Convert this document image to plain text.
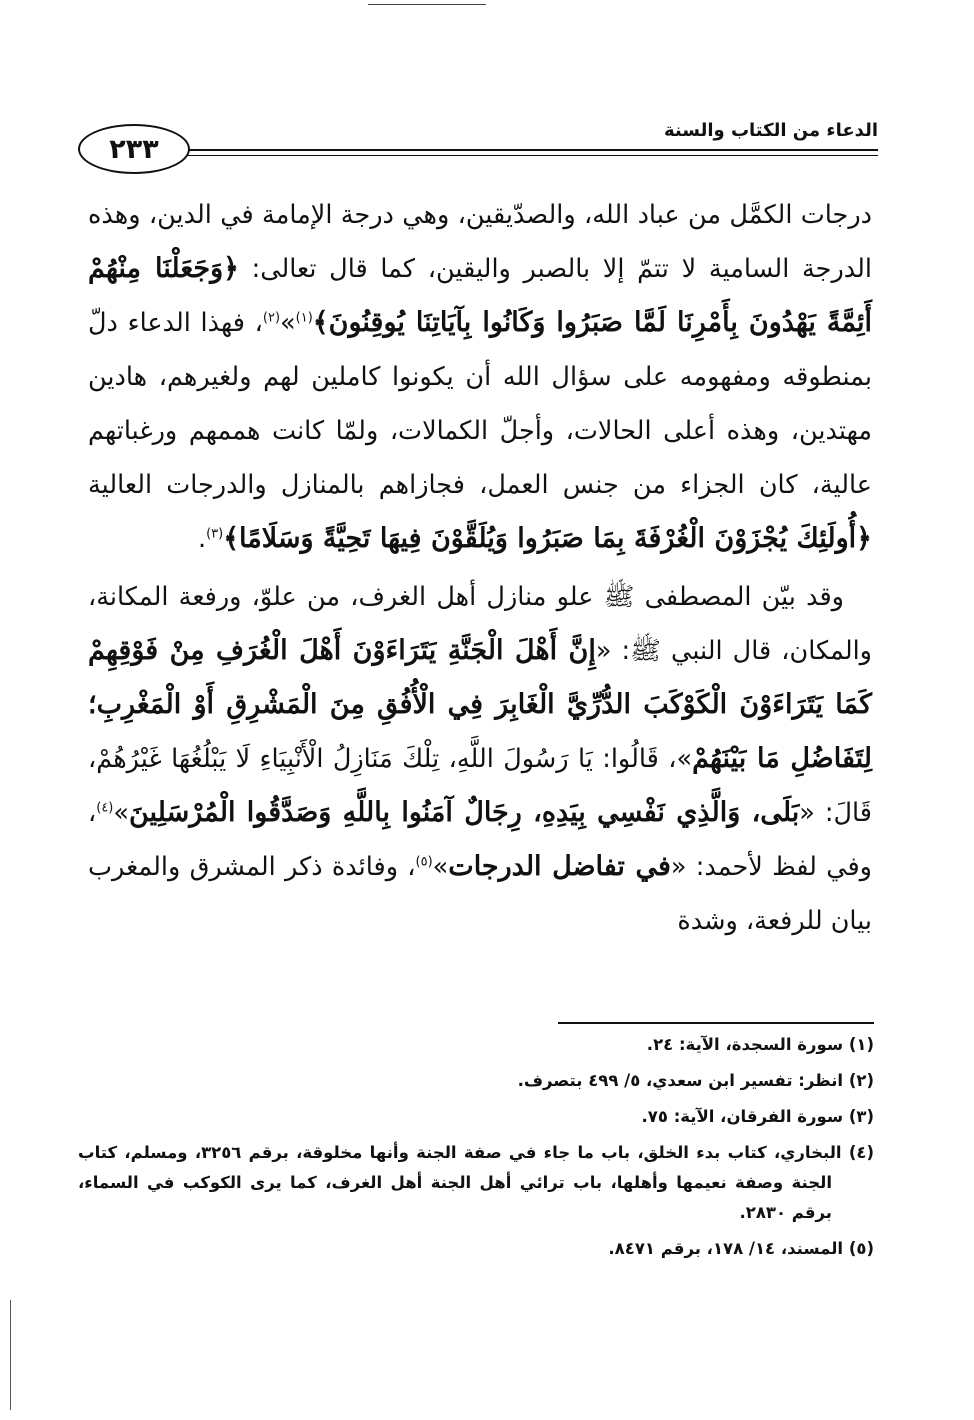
٢٣٣
الدعاء من الكتاب والسنة

درجات الكمَّل من عباد الله، والصدّيقين، وهي درجة الإمامة في الدين، وهذه الدرجة السامية لا تتمّ إلا بالصبر واليقين، كما قال تعالى: ﴿وَجَعَلْنَا مِنْهُمْ أَئِمَّةً يَهْدُونَ بِأَمْرِنَا لَمَّا صَبَرُوا وَكَانُوا بِآيَاتِنَا يُوقِنُونَ﴾$^{(١)}$»$^{(٢)}$، فهذا الدعاء دلّ بمنطوقه ومفهومه على سؤال الله أن يكونوا كاملين لهم ولغيرهم، هادين مهتدين، وهذه أعلى الحالات، وأجلّ الكمالات، ولمّا كانت هممهم ورغباتهم عالية، كان الجزاء من جنس العمل، فجازاهم بالمنازل والدرجات العالية ﴿أُولَئِكَ يُجْزَوْنَ الْغُرْفَةَ بِمَا صَبَرُوا وَيُلَقَّوْنَ فِيهَا تَحِيَّةً وَسَلَامًا﴾$^{(٣)}$.

وقد بيّن المصطفى ﷺ علو منازل أهل الغرف، من علوّ، ورفعة المكانة، والمكان، قال النبي ﷺ: «إِنَّ أَهْلَ الْجَنَّةِ يَتَرَاءَوْنَ أَهْلَ الْغُرَفِ مِنْ فَوْقِهِمْ كَمَا يَتَرَاءَوْنَ الْكَوْكَبَ الدُّرِّيَّ الْغَابِرَ فِي الْأُفُقِ مِنَ الْمَشْرِقِ أَوْ الْمَغْرِبِ؛ لِتَفَاضُلِ مَا بَيْنَهُمْ»، قَالُوا: يَا رَسُولَ اللَّهِ، تِلْكَ مَنَازِلُ الْأَنْبِيَاءِ لَا يَبْلُغُهَا غَيْرُهُمْ، قَالَ: «بَلَى، وَالَّذِي نَفْسِي بِيَدِهِ، رِجَالٌ آمَنُوا بِاللَّهِ وَصَدَّقُوا الْمُرْسَلِينَ»$^{(٤)}$، وفي لفظ لأحمد: «في تفاضل الدرجات»$^{(٥)}$، وفائدة ذكر المشرق والمغرب بيان للرفعة، وشدة

(١) سورة السجدة، الآية: ٢٤.

(٢) انظر: تفسير ابن سعدي، ٥/ ٤٩٩ بتصرف.

(٣) سورة الفرقان، الآية: ٧٥.

(٤) البخاري، كتاب بدء الخلق، باب ما جاء في صفة الجنة وأنها مخلوقة، برقم ٣٢٥٦، ومسلم، كتاب الجنة وصفة نعيمها وأهلها، باب ترائي أهل الجنة أهل الغرف، كما يرى الكوكب في السماء، برقم ٢٨٣٠.

(٥) المسند، ١٤/ ١٧٨، برقم ٨٤٧١.
